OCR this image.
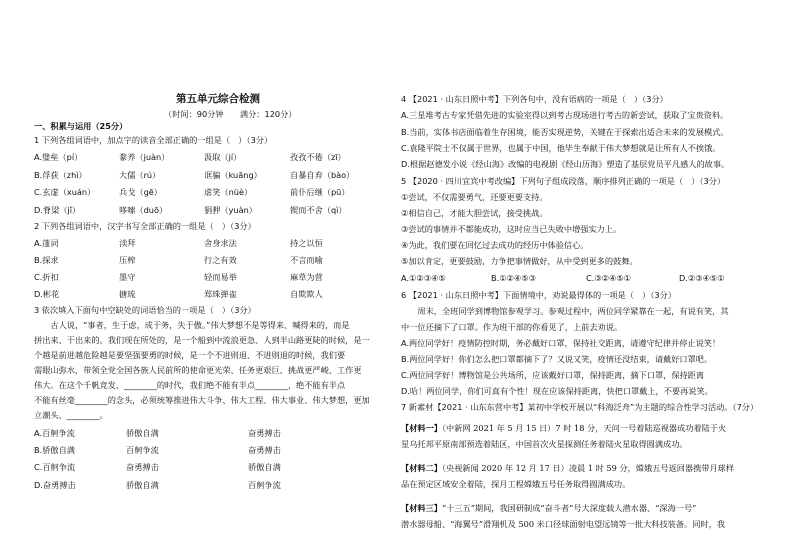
第五单元综合检测
（时间：90分钟　　满分：120分）
一、积累与运用（25分）
1 下列各组词语中，加点字的读音全部正确的一组是（　）（3分）
A.璧垒（pí）	豢养（juàn）	汲取（jí）	孜孜不倦（zī）
B.俘获（zhì）	大儒（rú）	诓骗（kuāng）	自暴自弃（bào）
C.玄虚（xuán）	兵戈（gē）	虐笑（nüè）	前仆后继（pū）
D.脊梁（jǐ）	哆嗦（duō）	狷狎（yuàn）	锲而不舍（qì）
2 下列各组词语中，汉字书写全部正确的一组是（　）（3分）
A.蓬词	渎拜	舍身求法	持之以恒
B.探求	压榨	行之有效	不言而喻
C.折扣	墨守	轻而易举	麻草为营
D.彬花	搪琉	郑珠弹雀	自欺欺人
3 依次填入下面句中空缺处的词语恰当的一项是（　）（3分）
　　古人说，“事者，生于虑，成于务，失于傲。”伟大梦想不是等得来、喊得来的，而是
拼出来、干出来的。我们现在所处的，是一个船到中流浪更急、人到半山路更陡的时候，是一
个越是前进越危险越是要坚强要勇的时候，是一个不进则退、不进则退的时候，我们要
需眼山弥水，带领全党全国各族人民前所的使命更光荣、任务更艰巨、挑战更严峻、工作更
伟大。在这个千帆竞发、________的时代，我们绝不能有半点________，绝不能有半点
不能有丝毫________的念头，必须统筹推进伟大斗争、伟大工程、伟大事业、伟大梦想，更加
立潮头、________。
A.百舸争流	骄傲自满	奋勇搏击
B.骄傲自满	百舸争流	奋勇搏击
C.百舸争流	奋勇搏击	骄傲自满
D.奋勇搏击	骄傲自满	百舸争流
4 【2021 · 山东日照中考】下列各句中，没有语病的一项是（　）（3分）
A.三星堆考古专家凭借先进的实验室得以到考古现场进行考古的新尝试，获取了宝贵资料。
B.当前，实体书店面临着生存困境，能否实现逆势，关键在于探索出适合未来的发展模式。
C.袁隆平院士不仅属于世界，也属于中国，他毕生奉献于伟大梦想就是让所有人不挨饿。
D.根据赵德发小说《经山海》改编的电视剧《经山历海》塑造了基层党员平凡感人的故事。
5 【2020 · 四川宜宾中考改编】下列句子组成段落，顺序排列正确的一项是（　）（3分）
①尝试，不仅需要勇气，还要更要支持。
②相信自己，才能大胆尝试，接受挑战。
③尝试的事情并不都能成功，这时应当已失败中增强实力上。
④为此，我们要在回忆过去成功的经历中体验信心。
⑤加以肯定，更要鼓励，力争把事情做好，从中受到更多的鼓舞。
A.①②③④⑤	B.①②④⑤③	C.③②④⑤①	D.②③④⑤①
6 【2021 · 山东日照中考】下面情境中，劝说最得体的一项是（　）（3分）
　　周末，全班同学到博物馆参观学习。参观过程中，两位同学紧靠在一起，有说有笑，其
中一位还摘下了口罩。作为班干部的你看见了，上前去劝说。
A.两位同学好！疫情防控时期，务必戴好口罩，保持社交距离，请遵守纪律并停止说笑！
B.两位同学好！你们怎么把口罩都摘下了？又说又笑，疫情还没结束，请戴好口罩吧。
C.两位同学好！博物馆是公共场所，应该戴好口罩，保持距离，摘下口罩，保持距离
D.哈！两位同学，你们可真有个性！现在应该保持距离，快把口罩戴上，不要再说笑。
7 新素材【2021 · 山东东营中考】某初中学校开展以“科海泛舟”为主题的综合性学习活动。（7分）
【材料一】（中新网 2021 年 5 月 15 日）7 时 18 分，天问一号着陆巡视器成功着陆于火
星乌托邦平原南部预选着陆区，中国首次火星探测任务着陆火星取得圆满成功。
【材料二】（央视新闻 2020 年 12 月 17 日）凌晨 1 时 59 分，嫦娥五号返回器携带月球样
品在预定区域安全着陆，探月工程嫦娥五号任务取得圆满成功。
【材料三】“十三五”期间，我国研制成“奋斗者”号大深度载人潜水器、“深海一号”
潜水器母船、“海翼号”滑翔机及 500 米口径球面射电望远镜等一批大科技装备。同时，我
